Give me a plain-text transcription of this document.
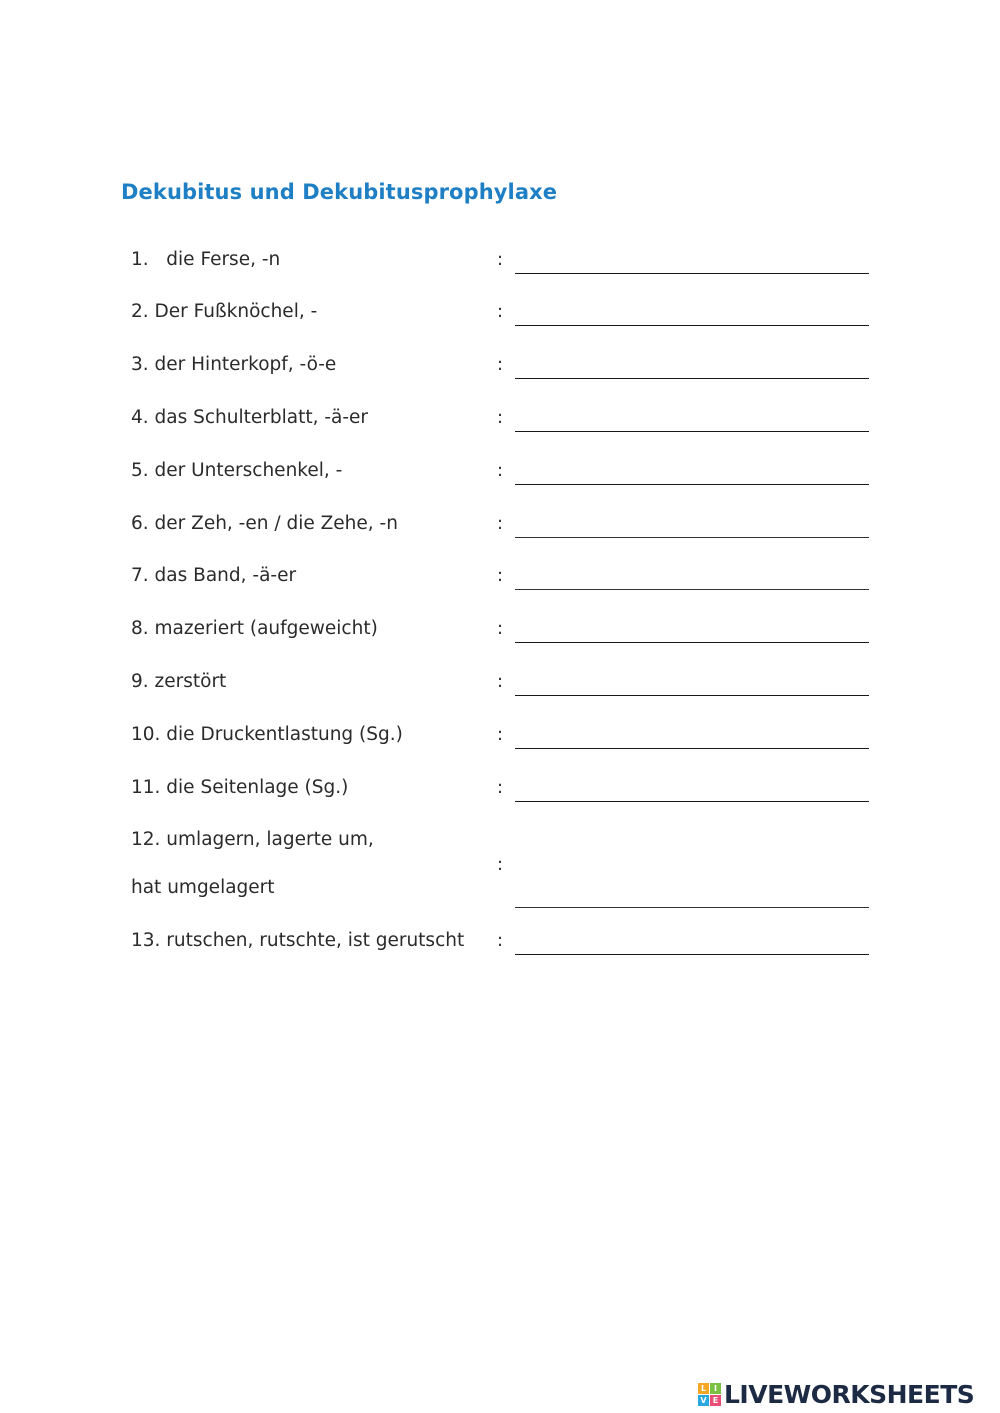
Dekubitus und Dekubitusprophylaxe
1.   die Ferse, -n	:
2. Der Fußknöchel, -	:
3. der Hinterkopf, -ö-e	:
4. das Schulterblatt, -ä-er	:
5. der Unterschenkel, -	:
6. der Zeh, -en / die Zehe, -n	:
7. das Band, -ä-er	:
8. mazeriert (aufgeweicht)	:
9. zerstört	:
10. die Druckentlastung (Sg.)	:
11. die Seitenlage (Sg.)	:
12. umlagern, lagerte um,
hat umgelagert
:
13. rutschen, rutschte, ist gerutscht :
L I
V E LIVEWORKSHEETS
